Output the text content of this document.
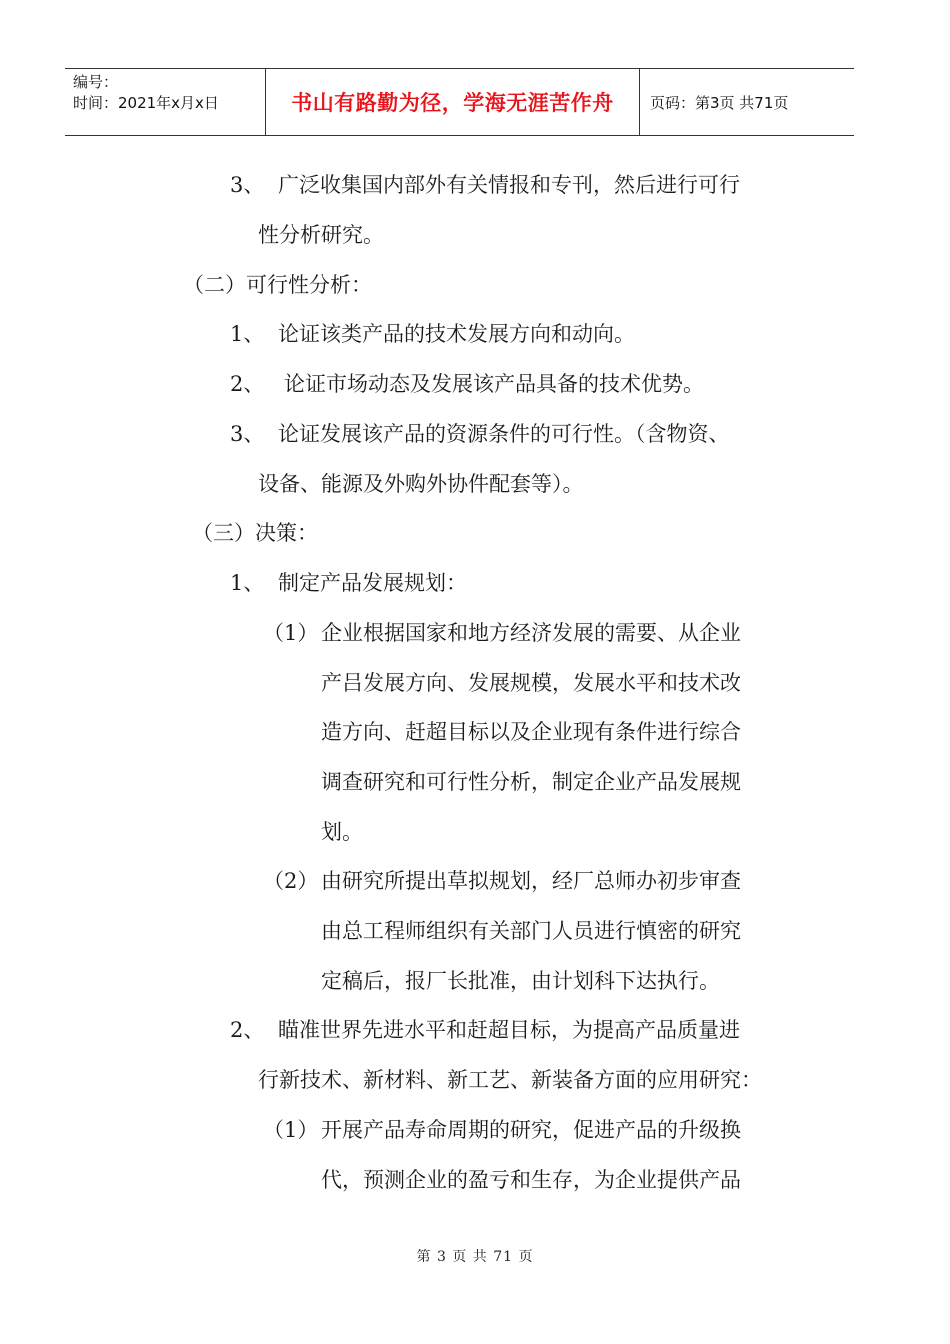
编号：
时间：2021年x月x日	书山有路勤为径，学海无涯苦作舟 页码：第3页 共71页
3、 广泛收集国内部外有关情报和专刊，然后进行可行
性分析研究。
（二）可行性分析：
1、 论证该类产品的技术发展方向和动向。
2、 论证市场动态及发展该产品具备的技术优势。
3、 论证发展该产品的资源条件的可行性。（含物资、
设备、能源及外购外协件配套等）。
（三）决策：
1、 制定产品发展规划：
（1） 企业根据国家和地方经济发展的需要、从企业
产吕发展方向、发展规模，发展水平和技术改
造方向、赶超目标以及企业现有条件进行综合
调查研究和可行性分析，制定企业产品发展规
划。
（2） 由研究所提出草拟规划，经厂总师办初步审查
由总工程师组织有关部门人员进行慎密的研究
定稿后，报厂长批准，由计划科下达执行。
2、 瞄准世界先进水平和赶超目标，为提高产品质量进
行新技术、新材料、新工艺、新装备方面的应用研究：
（1） 开展产品寿命周期的研究，促进产品的升级换
代，预测企业的盈亏和生存，为企业提供产品
第 3 页 共 71 页
